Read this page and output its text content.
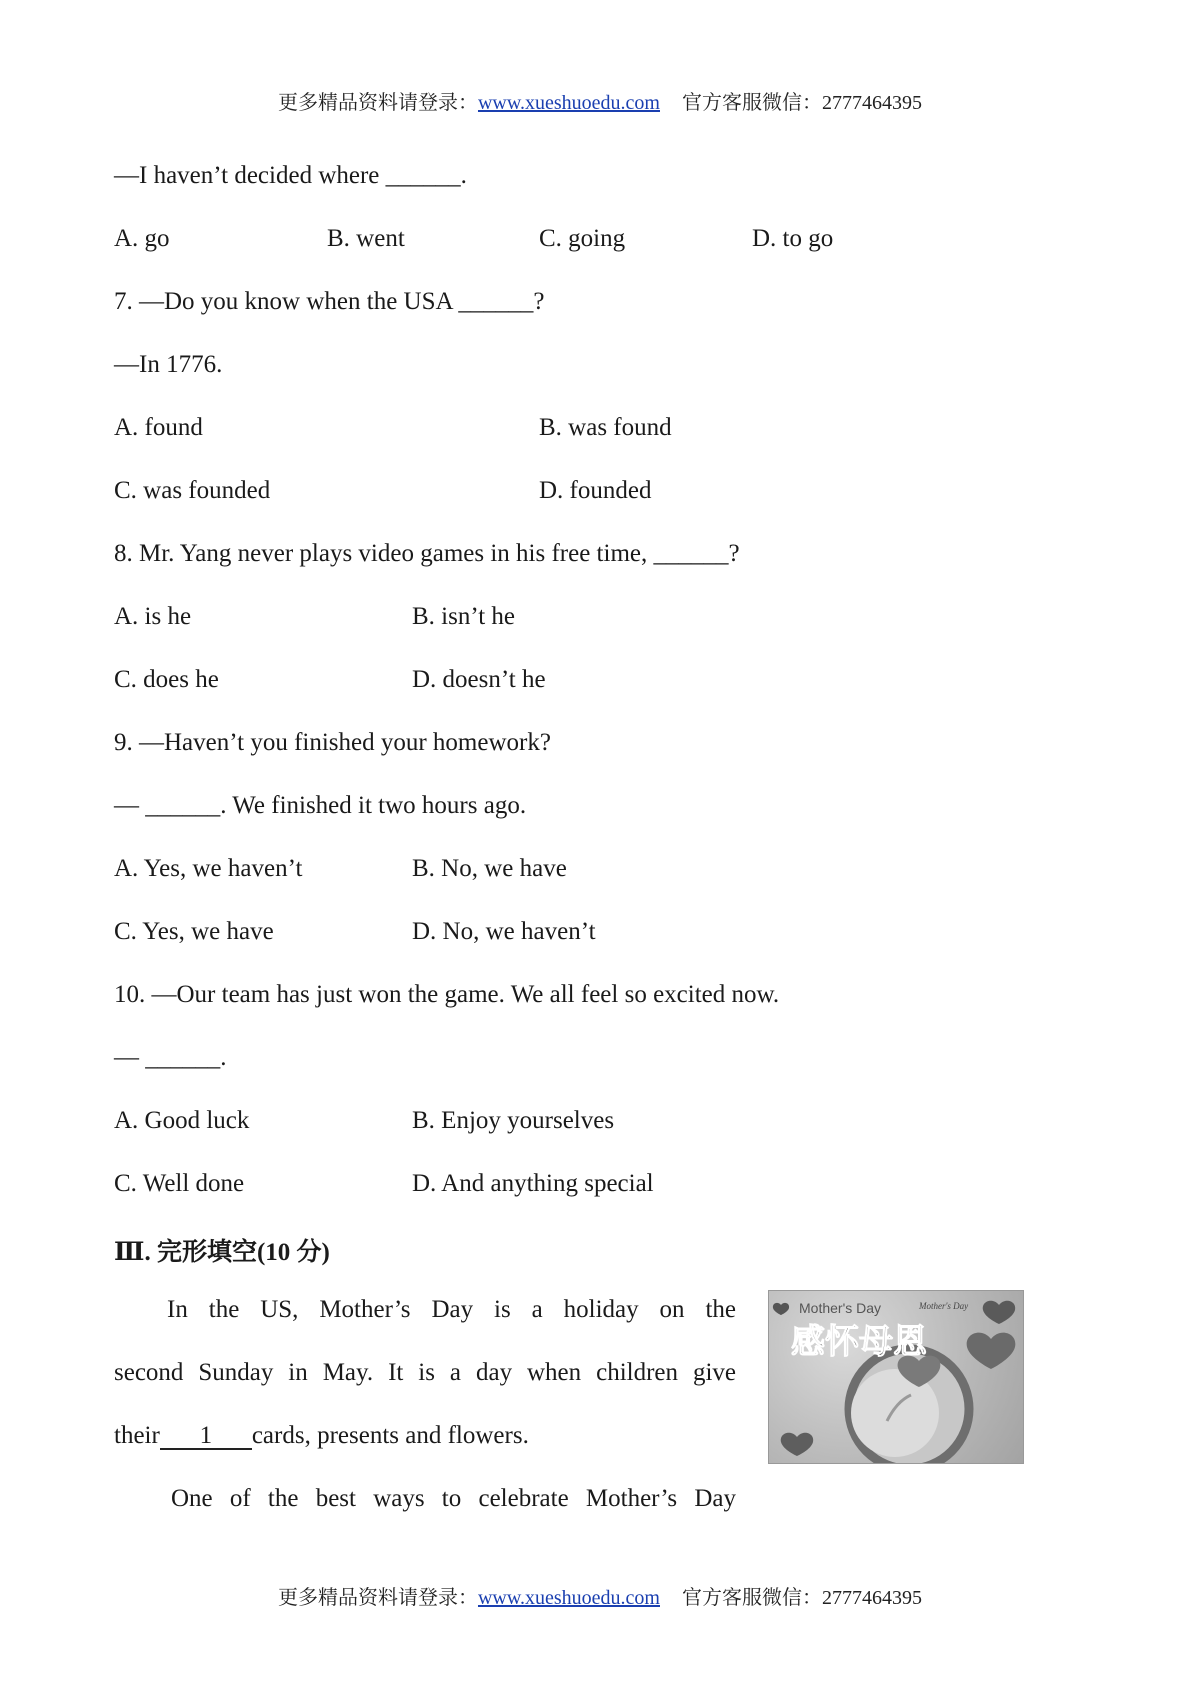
更多精品资料请登录：www.xueshuoedu.com 官方客服微信：2777464395
—I haven’t decided where ______.
A. go	B. went	C. going	D. to go
7. —Do you know when the USA ______?
—In 1776.
A. found	B. was found
C. was founded	D. founded
8. Mr. Yang never plays video games in his free time, ______?
A. is he	B. isn’t he
C. does he	D. doesn’t he
9. —Haven’t you finished your homework?
— ______. We finished it two hours ago.
A. Yes, we haven’t	B. No, we have
C. Yes, we have	D. No, we haven’t
10. —Our team has just won the game. We all feel so excited now.
— ______.
A. Good luck	B. Enjoy yourselves
C. Well done	D. And anything special
Ⅲ. 完形填空(10 分)
In the US, Mother’s Day is a holiday on the
second Sunday in May. It is a day when children give
their 1 cards, presents and flowers.
One of the best ways to celebrate Mother’s Day
Mother's Day	Mother's Day
感怀母恩
更多精品资料请登录：www.xueshuoedu.com 官方客服微信：2777464395
